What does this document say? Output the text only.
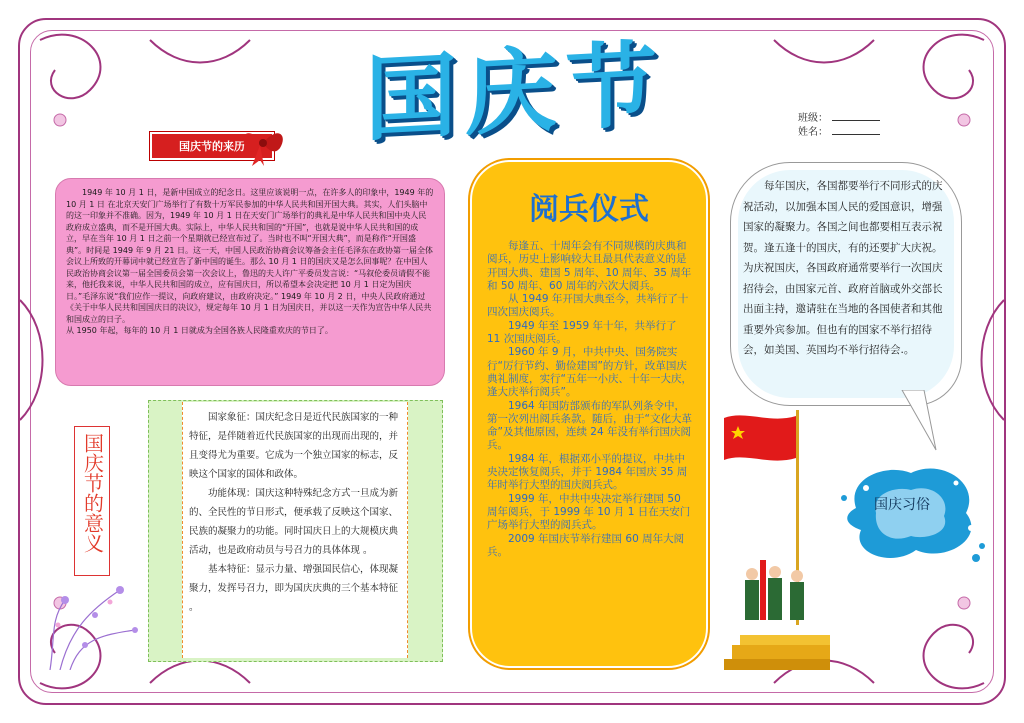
国庆节	班级：
姓名：
国庆节的来历

1949 年 10 月 1 日，是新中国成立的纪念日。这里应该说明一点，在许多人的印象中，1949 年的 10 月 1 日 在北京天安门广场举行了有数十万军民参加的中华人民共和国开国大典。其实，人们头脑中的这一印象并不准确。因为，1949 年 10 月 1 日在天安门广场举行的典礼是中华人民共和国中央人民政府成立盛典，而不是开国大典。实际上，中华人民共和国的“开国”，也就是说中华人民共和国的成立，早在当年 10 月 1 日之前一个星期就已经宣布过了。当时也不叫“开国大典”，而是称作“开国盛典”。时间是 1949 年 9 月 21 日。这一天，中国人民政治协商会议筹备会主任毛泽东在政协第一届全体会议上所致的开幕词中就已经宣告了新中国的诞生。那么 10 月 1 日的国庆又是怎么回事呢？在中国人民政治协商会议第一届全国委员会第一次会议上，鲁迅的夫人许广平委员发言说：“马叙伦委员请假不能来，他托我来说，中华人民共和国的成立，应有国庆日，所以希望本会决定把 10 月 1 日定为国庆日。”毛泽东说“我们应作一提议，向政府建议，由政府决定。” 1949 年 10 月 2 日，中央人民政府通过《关于中华人民共和国国庆日的决议》，规定每年 10 月 1 日为国庆日，并以这一天作为宣告中华人民共和国成立的日子。

从 1950 年起，每年的 10 月 1 日就成为全国各族人民隆重欢庆的节日了。

国家象征：国庆纪念日是近代民族国家的一种特征，是伴随着近代民族国家的出现而出现的，并且变得尤为重要。它成为一个独立国家的标志，反映这个国家的国体和政体。

功能体现：国庆这种特殊纪念方式一旦成为新的、全民性的节日形式，便承载了反映这个国家、民族的凝聚力的功能。同时国庆日上的大规模庆典活动，也是政府动员与号召力的具体体现 。

基本特征：显示力量、增强国民信心，体现凝聚力，发挥号召力，即为国庆庆典的三个基本特征 。

国庆节的意义
阅兵仪式

每逢五、十周年会有不同规模的庆典和阅兵，历史上影响较大且最具代表意义的是开国大典、建国 5 周年、10 周年、35 周年和 50 周年、60 周年的六次大阅兵。

从 1949 年开国大典至今，共举行了十四次国庆阅兵。

1949 年至 1959 年十年，共举行了 11 次国庆阅兵。

1960 年 9 月，中共中央、国务院实行“厉行节约、勤俭建国”的方针，改革国庆典礼制度，实行“五年一小庆、十年一大庆，逢大庆举行阅兵”。

1964 年国防部颁布的军队列条令中，第一次列出阅兵条款。随后，由于“文化大革命”及其他原因，连续 24 年没有举行国庆阅兵。

1984 年，根据邓小平的提议，中共中央决定恢复阅兵，并于 1984 年国庆 35 周年时举行大型的国庆阅兵式。

1999 年，中共中央决定举行建国 50 周年阅兵，于 1999 年 10 月 1 日在天安门广场举行大型的阅兵式。

2009 年国庆节举行建国 60 周年大阅兵。

每年国庆，各国都要举行不同形式的庆祝活动，以加强本国人民的爱国意识，增强国家的凝聚力。各国之间也都要相互表示祝贺。逢五逢十的国庆，有的还要扩大庆祝。为庆祝国庆，各国政府通常要举行一次国庆招待会，由国家元首、政府首脑或外交部长出面主持，邀请驻在当地的各国使者和其他重要外宾参加。但也有的国家不举行招待会，如美国、英国均不举行招待会.。

国庆习俗
